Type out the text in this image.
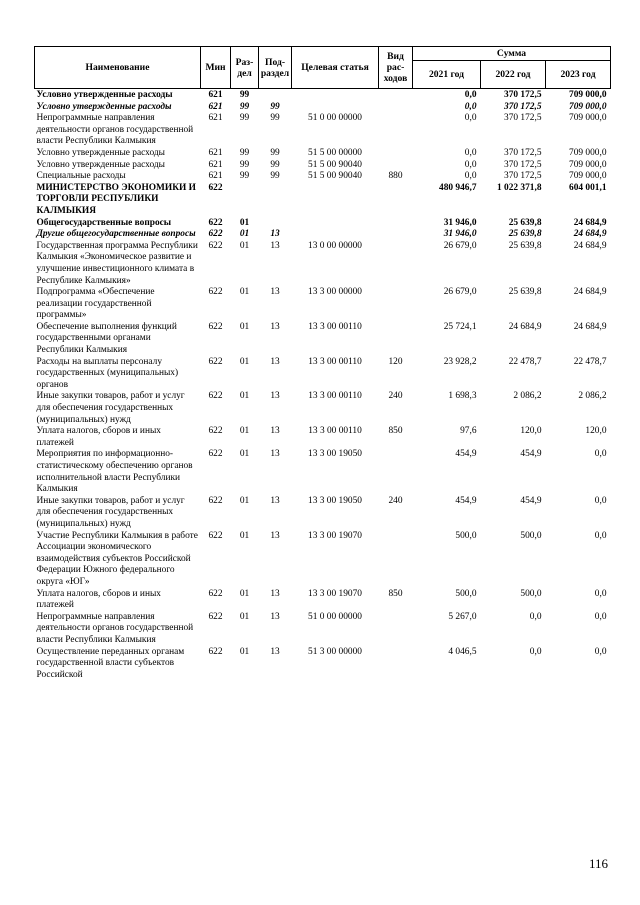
Наименование	Мин	Раз-дел	Под-раздел	Целевая статья	Вид рас-ходов	Сумма		
						2021 год	2022 год	2023 год
Условно утвержденные расходы	621	99				0,0	370 172,5	709 000,0
Условно утвержденные расходы	621	99	99			0,0	370 172,5	709 000,0
Непрограммные направления деятельности органов государственной власти Республики Калмыкия	621	99	99	51 0 00 00000		0,0	370 172,5	709 000,0
Условно утвержденные расходы	621	99	99	51 5 00 00000		0,0	370 172,5	709 000,0
Условно утвержденные расходы	621	99	99	51 5 00 90040		0,0	370 172,5	709 000,0
Специальные расходы	621	99	99	51 5 00 90040	880	0,0	370 172,5	709 000,0
МИНИСТЕРСТВО ЭКОНОМИКИ И ТОРГОВЛИ РЕСПУБЛИКИ КАЛМЫКИЯ	622					480 946,7	1 022 371,8	604 001,1
Общегосударственные вопросы	622	01				31 946,0	25 639,8	24 684,9
Другие общегосударственные вопросы	622	01	13			31 946,0	25 639,8	24 684,9
Государственная программа Республики Калмыкия «Экономическое развитие и улучшение инвестиционного климата в Республике Калмыкия»	622	01	13	13 0 00 00000		26 679,0	25 639,8	24 684,9
Подпрограмма «Обеспечение реализации государственной программы»	622	01	13	13 3 00 00000		26 679,0	25 639,8	24 684,9
Обеспечение выполнения функций государственными органами Республики Калмыкия	622	01	13	13 3 00 00110		25 724,1	24 684,9	24 684,9
Расходы на выплаты персоналу государственных (муниципальных) органов	622	01	13	13 3 00 00110	120	23 928,2	22 478,7	22 478,7
Иные закупки товаров, работ и услуг для обеспечения государственных (муниципальных) нужд	622	01	13	13 3 00 00110	240	1 698,3	2 086,2	2 086,2
Уплата налогов, сборов и иных платежей	622	01	13	13 3 00 00110	850	97,6	120,0	120,0
Мероприятия по информационно-статистическому обеспечению органов исполнительной власти Республики Калмыкия	622	01	13	13 3 00 19050		454,9	454,9	0,0
Иные закупки товаров, работ и услуг для обеспечения государственных (муниципальных) нужд	622	01	13	13 3 00 19050	240	454,9	454,9	0,0
Участие Республики Калмыкия в работе Ассоциации экономического взаимодействия субъектов Российской Федерации Южного федерального округа «ЮГ»	622	01	13	13 3 00 19070		500,0	500,0	0,0
Уплата налогов, сборов и иных платежей	622	01	13	13 3 00 19070	850	500,0	500,0	0,0
Непрограммные направления деятельности органов государственной власти Республики Калмыкия	622	01	13	51 0 00 00000		5 267,0	0,0	0,0
Осуществление переданных органам государственной власти субъектов Российской	622	01	13	51 3 00 00000		4 046,5	0,0	0,0
116
